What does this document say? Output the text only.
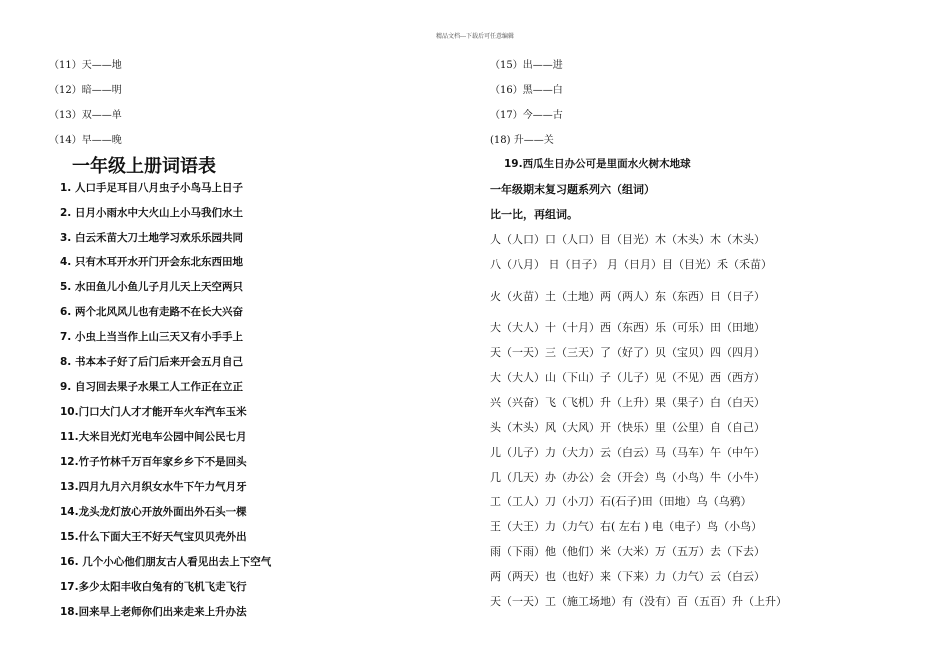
精品文档---下载后可任意编辑
（11）天——地
（12）暗——明
（13）双——单
（14）早——晚
一年级上册词语表
1. 人口手足耳目八月虫子小鸟马上日子
2. 日月小雨水中大火山上小马我们水土
3. 白云禾苗大刀土地学习欢乐乐园共同
4. 只有木耳开水开门开会东北东西田地
5. 水田鱼儿小鱼儿子月儿天上天空两只
6. 两个北风风儿也有走路不在长大兴奋
7. 小虫上当当作上山三天又有小手手上
8. 书本本子好了后门后来开会五月自己
9. 自习回去果子水果工人工作正在立正
10.门口大门人才才能开车火车汽车玉米
11.大米目光灯光电车公园中间公民七月
12.竹子竹林千万百年家乡乡下不是回头
13.四月九月六月织女水牛下午力气月牙
14.龙头龙灯放心开放外面出外石头一棵
15.什么下面大王不好天气宝贝贝壳外出
16. 几个小心他们朋友古人看见出去上下空气
17.多少太阳丰收白兔有的飞机飞走飞行
18.回来早上老师你们出来走来上升办法
（15）出——进
（16）黑——白
（17）今——古
(18) 升——关
19.西瓜生日办公可是里面水火树木地球
一年级期末复习题系列六（组词）
比一比，再组词。
人（人口）口（人口）目（目光）木（木头）木（木头）
八（八月） 日（日子） 月（日月）目（目光）禾（禾苗）
火（火苗）土（土地）两（两人）东（东西）日（日子）
大（大人）十（十月）西（东西）乐（可乐）田（田地）
天（一天）三（三天）了（好了）贝（宝贝）四（四月）
大（大人）山（下山）子（儿子）见（不见）西（西方）
兴（兴奋）飞（飞机）升（上升）果（果子）白（白天）
头（木头）风（大风）开（快乐）里（公里）自（自己）
儿（儿子）力（大力）云（白云）马（马车）午（中午）
几（几天）办（办公）会（开会）鸟（小鸟）牛（小牛）
工（工人）刀（小刀）石(石子)田（田地）乌（乌鸦）
王（大王）力（力气）右( 左右 ) 电（电子）鸟（小鸟）
雨（下雨）他（他们）米（大米）万（五万）去（下去）
两（两天）也（也好）来（下来）力（力气）云（白云）
天（一天）工（施工场地）有（没有）百（五百）升（上升）
